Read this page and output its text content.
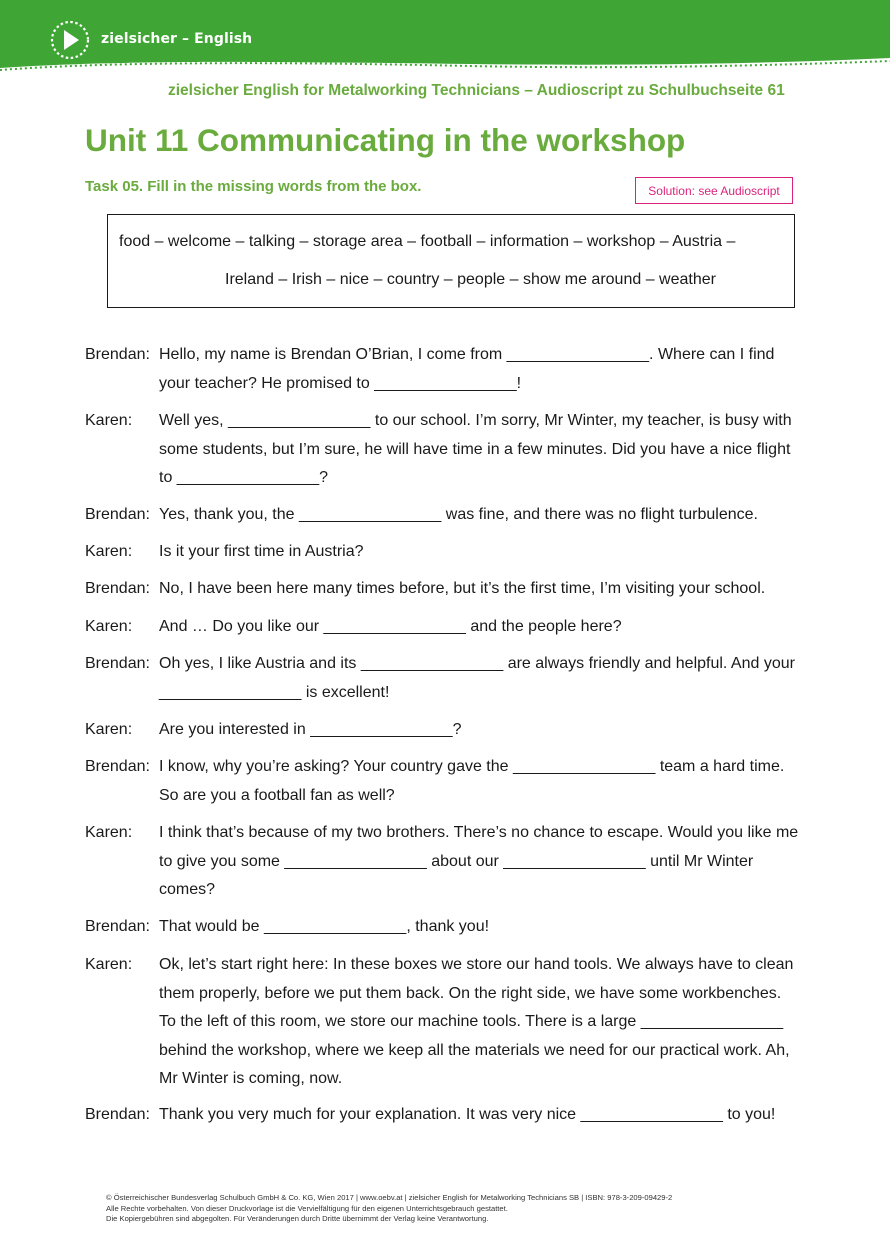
zielsicher – English
zielsicher English for Metalworking Technicians – Audioscript zu Schulbuchseite 61
Unit 11 Communicating in the workshop
Task 05. Fill in the missing words from the box.	Solution: see Audioscript
food – welcome – talking – storage area – football – information – workshop – Austria –
Ireland – Irish – nice – country – people – show me around – weather
Brendan: Hello, my name is Brendan O’Brian, I come from ________________. Where can I find your teacher? He promised to ________________!
Karen: Well yes, ________________ to our school. I’m sorry, Mr Winter, my teacher, is busy with some students, but I’m sure, he will have time in a few minutes. Did you have a nice flight to ________________?
Brendan: Yes, thank you, the ________________ was fine, and there was no flight turbulence.
Karen: Is it your first time in Austria?
Brendan: No, I have been here many times before, but it’s the first time, I’m visiting your school.
Karen: And … Do you like our ________________ and the people here?
Brendan: Oh yes, I like Austria and its ________________ are always friendly and helpful. And your ________________ is excellent!
Karen: Are you interested in ________________?
Brendan: I know, why you’re asking? Your country gave the ________________ team a hard time. So are you a football fan as well?
Karen: I think that’s because of my two brothers. There’s no chance to escape. Would you like me to give you some ________________ about our ________________ until Mr Winter comes?
Brendan: That would be ________________, thank you!
Karen: Ok, let’s start right here: In these boxes we store our hand tools. We always have to clean them properly, before we put them back. On the right side, we have some workbenches. To the left of this room, we store our machine tools. There is a large ________________ behind the workshop, where we keep all the materials we need for our practical work. Ah, Mr Winter is coming, now.
Brendan: Thank you very much for your explanation. It was very nice ________________ to you!
© Österreichischer Bundesverlag Schulbuch GmbH & Co. KG, Wien 2017 | www.oebv.at | zielsicher English for Metalworking Technicians SB | ISBN: 978-3-209-09429-2
Alle Rechte vorbehalten. Von dieser Druckvorlage ist die Vervielfältigung für den eigenen Unterrichtsgebrauch gestattet.
Die Kopiergebühren sind abgegolten. Für Veränderungen durch Dritte übernimmt der Verlag keine Verantwortung.
